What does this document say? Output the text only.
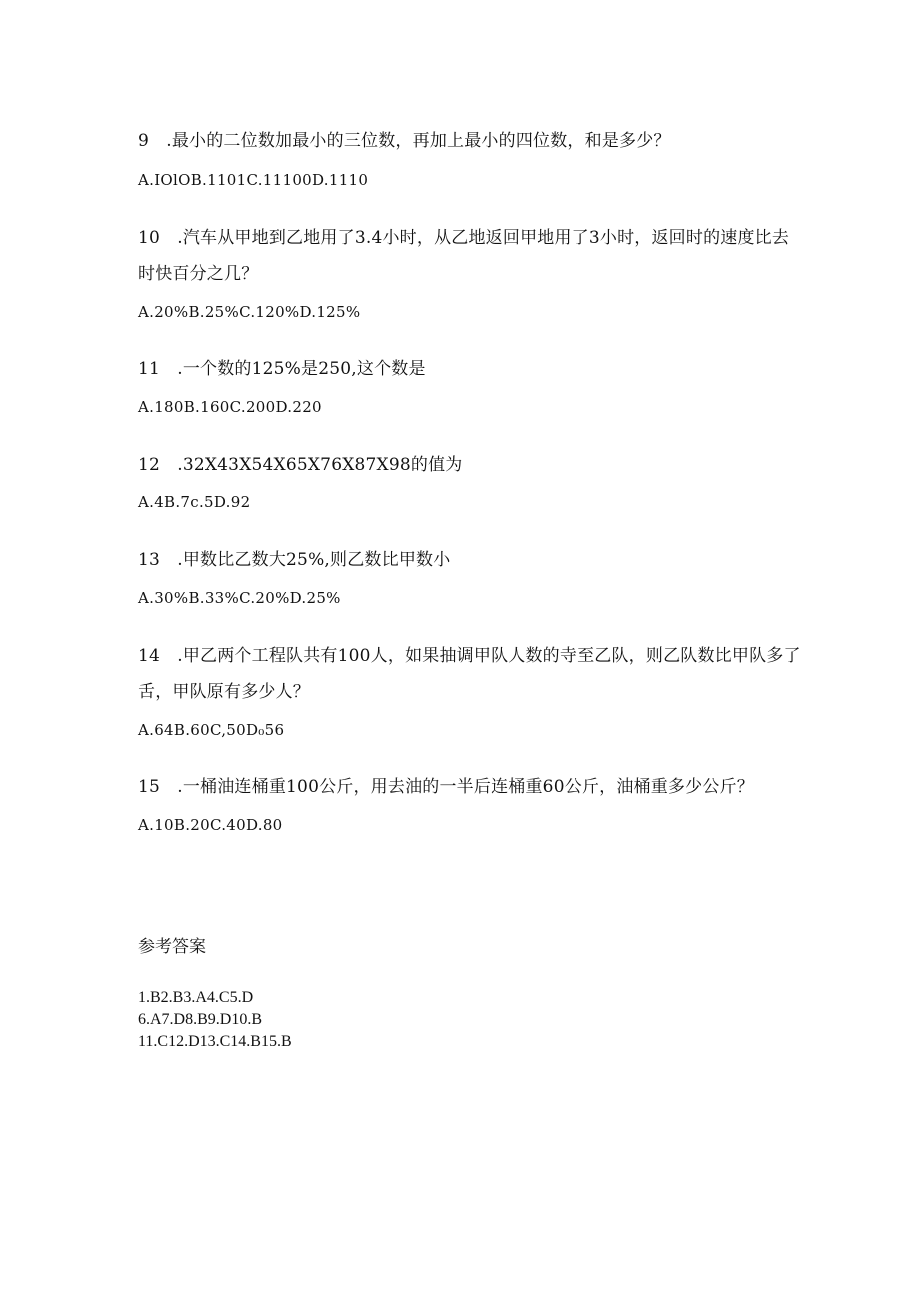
9　.最小的二位数加最小的三位数，再加上最小的四位数，和是多少？
A.IOlOB.1101C.11100D.1110
10　.汽车从甲地到乙地用了3.4小时，从乙地返回甲地用了3小时，返回时的速度比去
时快百分之几？
A.20%B.25%C.120%D.125%
11　.一个数的125%是250,这个数是
A.180B.160C.200D.220
12　.32X43X54X65X76X87X98的值为
A.4B.7c.5D.92
13　.甲数比乙数大25%,则乙数比甲数小
A.30%B.33%C.20%D.25%
14　.甲乙两个工程队共有100人，如果抽调甲队人数的寺至乙队，则乙队数比甲队多了
舌，甲队原有多少人？
A.64B.60C,50D₀56
15　.一桶油连桶重100公斤，用去油的一半后连桶重60公斤，油桶重多少公斤？
A.10B.20C.40D.80
参考答案
1.B2.B3.A4.C5.D
6.A7.D8.B9.D10.B
11.C12.D13.C14.B15.B
